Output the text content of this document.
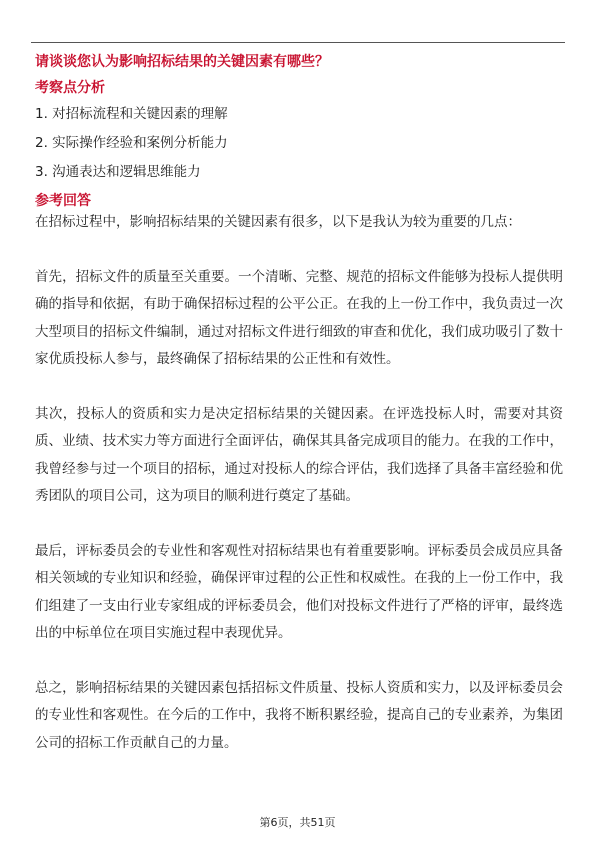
请谈谈您认为影响招标结果的关键因素有哪些？

考察点分析

1. 对招标流程和关键因素的理解

2. 实际操作经验和案例分析能力

3. 沟通表达和逻辑思维能力

参考回答

在招标过程中，影响招标结果的关键因素有很多，以下是我认为较为重要的几点：

首先，招标文件的质量至关重要。一个清晰、完整、规范的招标文件能够为投标人提供明确的指导和依据，有助于确保招标过程的公平公正。在我的上一份工作中，我负责过一次大型项目的招标文件编制，通过对招标文件进行细致的审查和优化，我们成功吸引了数十家优质投标人参与，最终确保了招标结果的公正性和有效性。

其次，投标人的资质和实力是决定招标结果的关键因素。在评选投标人时，需要对其资质、业绩、技术实力等方面进行全面评估，确保其具备完成项目的能力。在我的工作中，我曾经参与过一个项目的招标，通过对投标人的综合评估，我们选择了具备丰富经验和优秀团队的项目公司，这为项目的顺利进行奠定了基础。

最后，评标委员会的专业性和客观性对招标结果也有着重要影响。评标委员会成员应具备相关领域的专业知识和经验，确保评审过程的公正性和权威性。在我的上一份工作中，我们组建了一支由行业专家组成的评标委员会，他们对投标文件进行了严格的评审，最终选出的中标单位在项目实施过程中表现优异。

总之，影响招标结果的关键因素包括招标文件质量、投标人资质和实力，以及评标委员会的专业性和客观性。在今后的工作中，我将不断积累经验，提高自己的专业素养，为集团公司的招标工作贡献自己的力量。

第6页，共51页
